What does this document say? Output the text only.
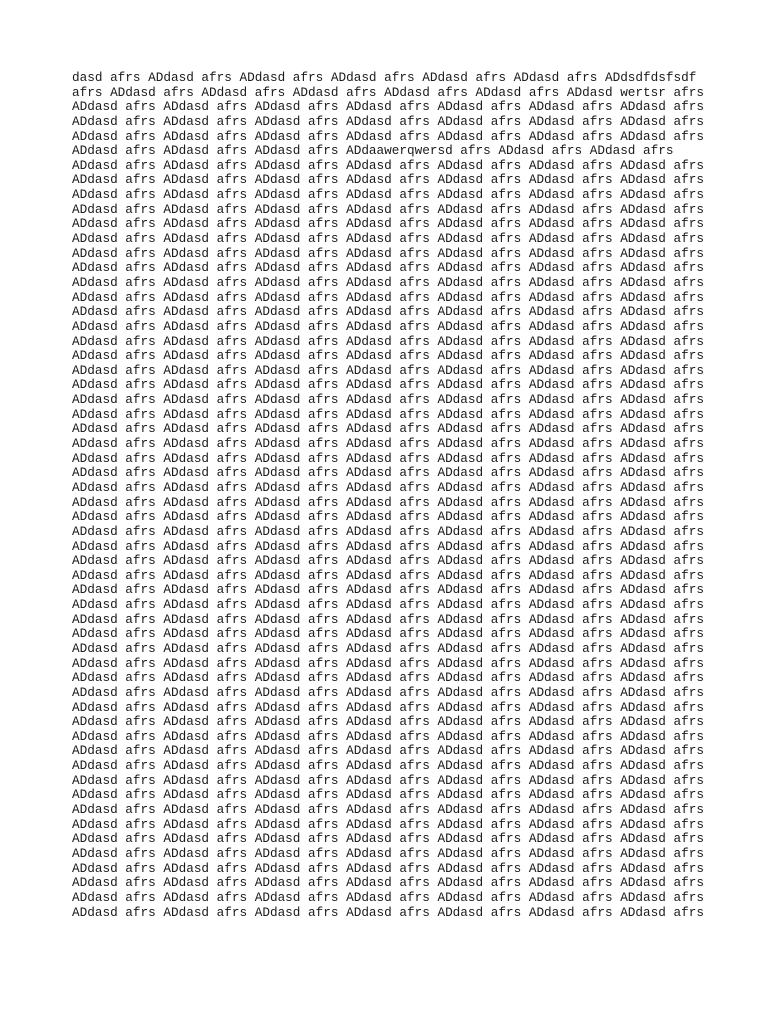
dasd afrs ADdasd afrs ADdasd afrs ADdasd afrs ADdasd afrs ADdasd afrs ADdsdfdsfsdf
afrs ADdasd afrs ADdasd afrs ADdasd afrs ADdasd afrs ADdasd afrs ADdasd wertsr afrs
ADdasd afrs ADdasd afrs ADdasd afrs ADdasd afrs ADdasd afrs ADdasd afrs ADdasd afrs
ADdasd afrs ADdasd afrs ADdasd afrs ADdasd afrs ADdasd afrs ADdasd afrs ADdasd afrs
ADdasd afrs ADdasd afrs ADdasd afrs ADdasd afrs ADdasd afrs ADdasd afrs ADdasd afrs
ADdasd afrs ADdasd afrs ADdasd afrs ADdaawerqwersd afrs ADdasd afrs ADdasd afrs
ADdasd afrs ADdasd afrs ADdasd afrs ADdasd afrs ADdasd afrs ADdasd afrs ADdasd afrs
ADdasd afrs ADdasd afrs ADdasd afrs ADdasd afrs ADdasd afrs ADdasd afrs ADdasd afrs
ADdasd afrs ADdasd afrs ADdasd afrs ADdasd afrs ADdasd afrs ADdasd afrs ADdasd afrs
ADdasd afrs ADdasd afrs ADdasd afrs ADdasd afrs ADdasd afrs ADdasd afrs ADdasd afrs
ADdasd afrs ADdasd afrs ADdasd afrs ADdasd afrs ADdasd afrs ADdasd afrs ADdasd afrs
ADdasd afrs ADdasd afrs ADdasd afrs ADdasd afrs ADdasd afrs ADdasd afrs ADdasd afrs
ADdasd afrs ADdasd afrs ADdasd afrs ADdasd afrs ADdasd afrs ADdasd afrs ADdasd afrs
ADdasd afrs ADdasd afrs ADdasd afrs ADdasd afrs ADdasd afrs ADdasd afrs ADdasd afrs
ADdasd afrs ADdasd afrs ADdasd afrs ADdasd afrs ADdasd afrs ADdasd afrs ADdasd afrs
ADdasd afrs ADdasd afrs ADdasd afrs ADdasd afrs ADdasd afrs ADdasd afrs ADdasd afrs
ADdasd afrs ADdasd afrs ADdasd afrs ADdasd afrs ADdasd afrs ADdasd afrs ADdasd afrs
ADdasd afrs ADdasd afrs ADdasd afrs ADdasd afrs ADdasd afrs ADdasd afrs ADdasd afrs
ADdasd afrs ADdasd afrs ADdasd afrs ADdasd afrs ADdasd afrs ADdasd afrs ADdasd afrs
ADdasd afrs ADdasd afrs ADdasd afrs ADdasd afrs ADdasd afrs ADdasd afrs ADdasd afrs
ADdasd afrs ADdasd afrs ADdasd afrs ADdasd afrs ADdasd afrs ADdasd afrs ADdasd afrs
ADdasd afrs ADdasd afrs ADdasd afrs ADdasd afrs ADdasd afrs ADdasd afrs ADdasd afrs
ADdasd afrs ADdasd afrs ADdasd afrs ADdasd afrs ADdasd afrs ADdasd afrs ADdasd afrs
ADdasd afrs ADdasd afrs ADdasd afrs ADdasd afrs ADdasd afrs ADdasd afrs ADdasd afrs
ADdasd afrs ADdasd afrs ADdasd afrs ADdasd afrs ADdasd afrs ADdasd afrs ADdasd afrs
ADdasd afrs ADdasd afrs ADdasd afrs ADdasd afrs ADdasd afrs ADdasd afrs ADdasd afrs
ADdasd afrs ADdasd afrs ADdasd afrs ADdasd afrs ADdasd afrs ADdasd afrs ADdasd afrs
ADdasd afrs ADdasd afrs ADdasd afrs ADdasd afrs ADdasd afrs ADdasd afrs ADdasd afrs
ADdasd afrs ADdasd afrs ADdasd afrs ADdasd afrs ADdasd afrs ADdasd afrs ADdasd afrs
ADdasd afrs ADdasd afrs ADdasd afrs ADdasd afrs ADdasd afrs ADdasd afrs ADdasd afrs
ADdasd afrs ADdasd afrs ADdasd afrs ADdasd afrs ADdasd afrs ADdasd afrs ADdasd afrs
ADdasd afrs ADdasd afrs ADdasd afrs ADdasd afrs ADdasd afrs ADdasd afrs ADdasd afrs
ADdasd afrs ADdasd afrs ADdasd afrs ADdasd afrs ADdasd afrs ADdasd afrs ADdasd afrs
ADdasd afrs ADdasd afrs ADdasd afrs ADdasd afrs ADdasd afrs ADdasd afrs ADdasd afrs
ADdasd afrs ADdasd afrs ADdasd afrs ADdasd afrs ADdasd afrs ADdasd afrs ADdasd afrs
ADdasd afrs ADdasd afrs ADdasd afrs ADdasd afrs ADdasd afrs ADdasd afrs ADdasd afrs
ADdasd afrs ADdasd afrs ADdasd afrs ADdasd afrs ADdasd afrs ADdasd afrs ADdasd afrs
ADdasd afrs ADdasd afrs ADdasd afrs ADdasd afrs ADdasd afrs ADdasd afrs ADdasd afrs
ADdasd afrs ADdasd afrs ADdasd afrs ADdasd afrs ADdasd afrs ADdasd afrs ADdasd afrs
ADdasd afrs ADdasd afrs ADdasd afrs ADdasd afrs ADdasd afrs ADdasd afrs ADdasd afrs
ADdasd afrs ADdasd afrs ADdasd afrs ADdasd afrs ADdasd afrs ADdasd afrs ADdasd afrs
ADdasd afrs ADdasd afrs ADdasd afrs ADdasd afrs ADdasd afrs ADdasd afrs ADdasd afrs
ADdasd afrs ADdasd afrs ADdasd afrs ADdasd afrs ADdasd afrs ADdasd afrs ADdasd afrs
ADdasd afrs ADdasd afrs ADdasd afrs ADdasd afrs ADdasd afrs ADdasd afrs ADdasd afrs
ADdasd afrs ADdasd afrs ADdasd afrs ADdasd afrs ADdasd afrs ADdasd afrs ADdasd afrs
ADdasd afrs ADdasd afrs ADdasd afrs ADdasd afrs ADdasd afrs ADdasd afrs ADdasd afrs
ADdasd afrs ADdasd afrs ADdasd afrs ADdasd afrs ADdasd afrs ADdasd afrs ADdasd afrs
ADdasd afrs ADdasd afrs ADdasd afrs ADdasd afrs ADdasd afrs ADdasd afrs ADdasd afrs
ADdasd afrs ADdasd afrs ADdasd afrs ADdasd afrs ADdasd afrs ADdasd afrs ADdasd afrs
ADdasd afrs ADdasd afrs ADdasd afrs ADdasd afrs ADdasd afrs ADdasd afrs ADdasd afrs
ADdasd afrs ADdasd afrs ADdasd afrs ADdasd afrs ADdasd afrs ADdasd afrs ADdasd afrs
ADdasd afrs ADdasd afrs ADdasd afrs ADdasd afrs ADdasd afrs ADdasd afrs ADdasd afrs
ADdasd afrs ADdasd afrs ADdasd afrs ADdasd afrs ADdasd afrs ADdasd afrs ADdasd afrs
ADdasd afrs ADdasd afrs ADdasd afrs ADdasd afrs ADdasd afrs ADdasd afrs ADdasd afrs
ADdasd afrs ADdasd afrs ADdasd afrs ADdasd afrs ADdasd afrs ADdasd afrs ADdasd afrs
ADdasd afrs ADdasd afrs ADdasd afrs ADdasd afrs ADdasd afrs ADdasd afrs ADdasd afrs
ADdasd afrs ADdasd afrs ADdasd afrs ADdasd afrs ADdasd afrs ADdasd afrs ADdasd afrs
ADdasd afrs ADdasd afrs ADdasd afrs ADdasd afrs ADdasd afrs ADdasd afrs ADdasd afrs
